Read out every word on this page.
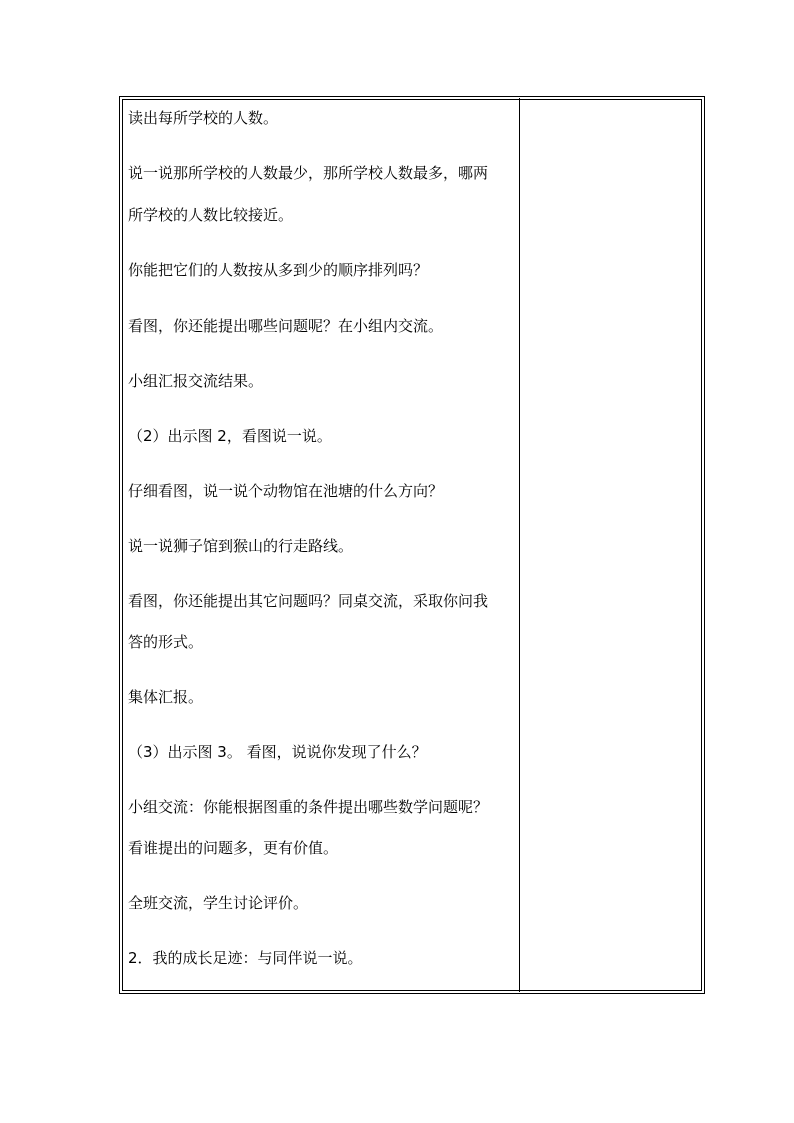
读出每所学校的人数。
说一说那所学校的人数最少，那所学校人数最多，哪两
所学校的人数比较接近。
你能把它们的人数按从多到少的顺序排列吗？
看图，你还能提出哪些问题呢？在小组内交流。
小组汇报交流结果。
（2）出示图 2，看图说一说。
仔细看图，说一说个动物馆在池塘的什么方向？
说一说狮子馆到猴山的行走路线。
看图，你还能提出其它问题吗？同桌交流，采取你问我
答的形式。
集体汇报。
（3）出示图 3。 看图，说说你发现了什么？
小组交流：你能根据图重的条件提出哪些数学问题呢？
看谁提出的问题多，更有价值。
全班交流，学生讨论评价。
2．我的成长足迹：与同伴说一说。
